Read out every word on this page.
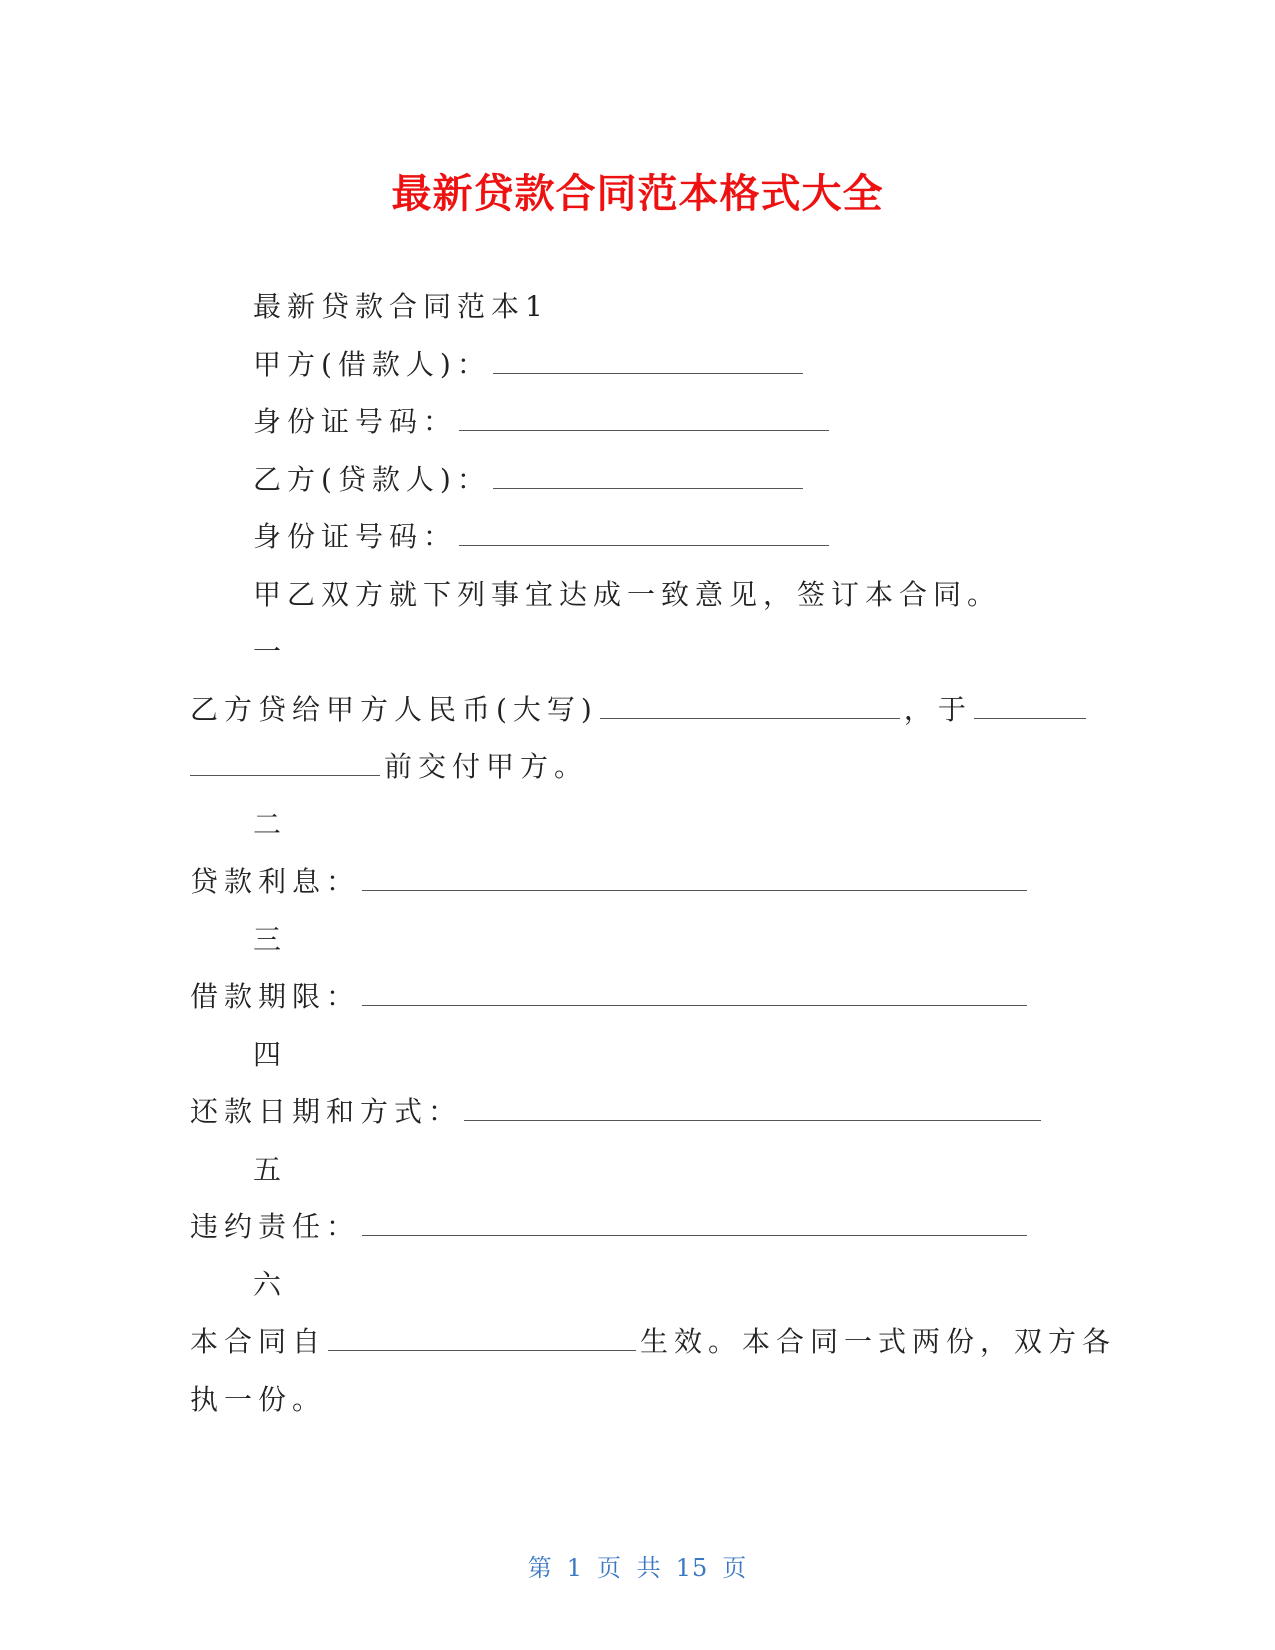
最新贷款合同范本格式大全
最新贷款合同范本1
甲方(借款人)：
身份证号码：
乙方(贷款人)：
身份证号码：
甲乙双方就下列事宜达成一致意见，签订本合同。
一
乙方贷给甲方人民币(大写)	，于
前交付甲方。
二
贷款利息：
三
借款期限：
四
还款日期和方式：
五
违约责任：
六
本合同自	生效。本合同一式两份，双方各
执一份。
第 1 页 共 15 页
